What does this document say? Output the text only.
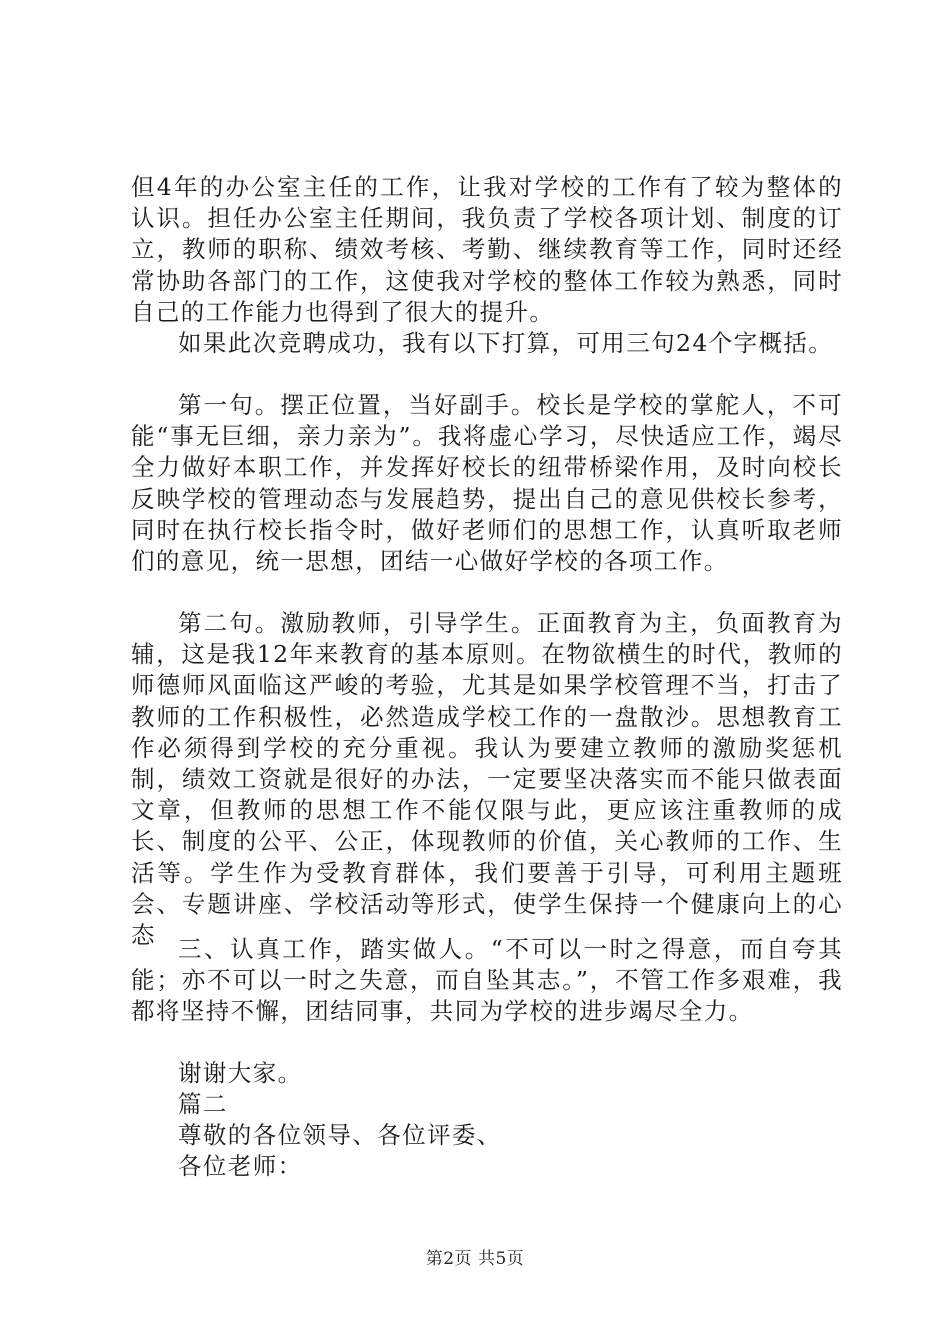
但4年的办公室主任的工作，让我对学校的工作有了较为整体的认识。担任办公室主任期间，我负责了学校各项计划、制度的订立，教师的职称、绩效考核、考勤、继续教育等工作，同时还经常协助各部门的工作，这使我对学校的整体工作较为熟悉，同时自己的工作能力也得到了很大的提升。

如果此次竞聘成功，我有以下打算，可用三句24个字概括。

第一句。摆正位置，当好副手。校长是学校的掌舵人，不可能“事无巨细，亲力亲为”。我将虚心学习，尽快适应工作，竭尽全力做好本职工作，并发挥好校长的纽带桥梁作用，及时向校长反映学校的管理动态与发展趋势，提出自己的意见供校长参考，同时在执行校长指令时，做好老师们的思想工作，认真听取老师们的意见，统一思想，团结一心做好学校的各项工作。

第二句。激励教师，引导学生。正面教育为主，负面教育为辅，这是我12年来教育的基本原则。在物欲横生的时代，教师的师德师风面临这严峻的考验，尤其是如果学校管理不当，打击了教师的工作积极性，必然造成学校工作的一盘散沙。思想教育工作必须得到学校的充分重视。我认为要建立教师的激励奖惩机制，绩效工资就是很好的办法，一定要坚决落实而不能只做表面文章，但教师的思想工作不能仅限与此，更应该注重教师的成长、制度的公平、公正，体现教师的价值，关心教师的工作、生活等。学生作为受教育群体，我们要善于引导，可利用主题班会、专题讲座、学校活动等形式，使学生保持一个健康向上的心态 三、认真工作，踏实做人。“不可以一时之得意，而自夸其能；亦不可以一时之失意，而自坠其志。”，不管工作多艰难，我都将坚持不懈，团结同事，共同为学校的进步竭尽全力。

谢谢大家。

篇二

尊敬的各位领导、各位评委、

各位老师：

第2页 共5页
